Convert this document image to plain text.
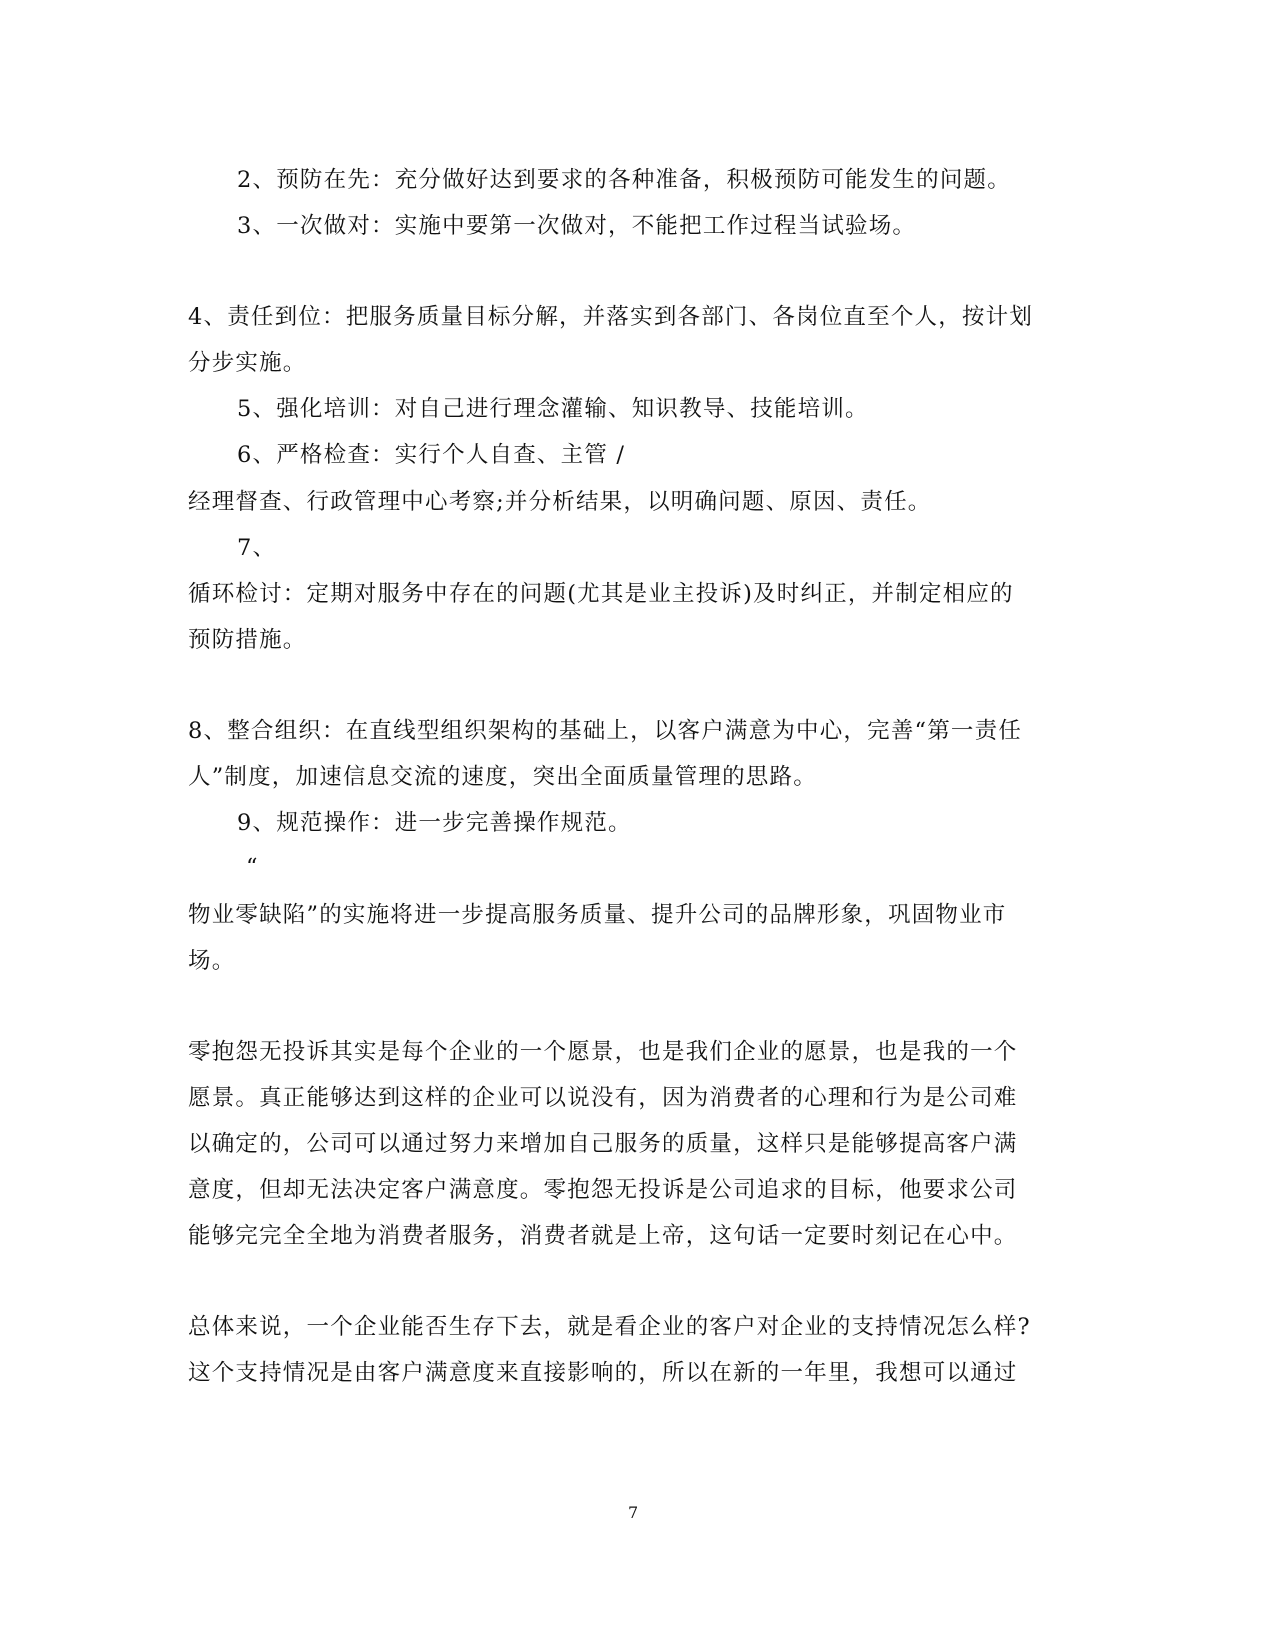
2、预防在先：充分做好达到要求的各种准备，积极预防可能发生的问题。
3、一次做对：实施中要第一次做对，不能把工作过程当试验场。
4、责任到位：把服务质量目标分解，并落实到各部门、各岗位直至个人，按计划
分步实施。
5、强化培训：对自己进行理念灌输、知识教导、技能培训。
6、严格检查：实行个人自查、主管 /
经理督查、行政管理中心考察;并分析结果，以明确问题、原因、责任。
7、
循环检讨：定期对服务中存在的问题(尤其是业主投诉)及时纠正，并制定相应的
预防措施。
8、整合组织：在直线型组织架构的基础上，以客户满意为中心，完善“第一责任
人”制度，加速信息交流的速度，突出全面质量管理的思路。
9、规范操作：进一步完善操作规范。
“
物业零缺陷”的实施将进一步提高服务质量、提升公司的品牌形象，巩固物业市
场。
零抱怨无投诉其实是每个企业的一个愿景，也是我们企业的愿景，也是我的一个
愿景。真正能够达到这样的企业可以说没有，因为消费者的心理和行为是公司难
以确定的，公司可以通过努力来增加自己服务的质量，这样只是能够提高客户满
意度，但却无法决定客户满意度。零抱怨无投诉是公司追求的目标，他要求公司
能够完完全全地为消费者服务，消费者就是上帝，这句话一定要时刻记在心中。
总体来说，一个企业能否生存下去，就是看企业的客户对企业的支持情况怎么样?
这个支持情况是由客户满意度来直接影响的，所以在新的一年里，我想可以通过
7
